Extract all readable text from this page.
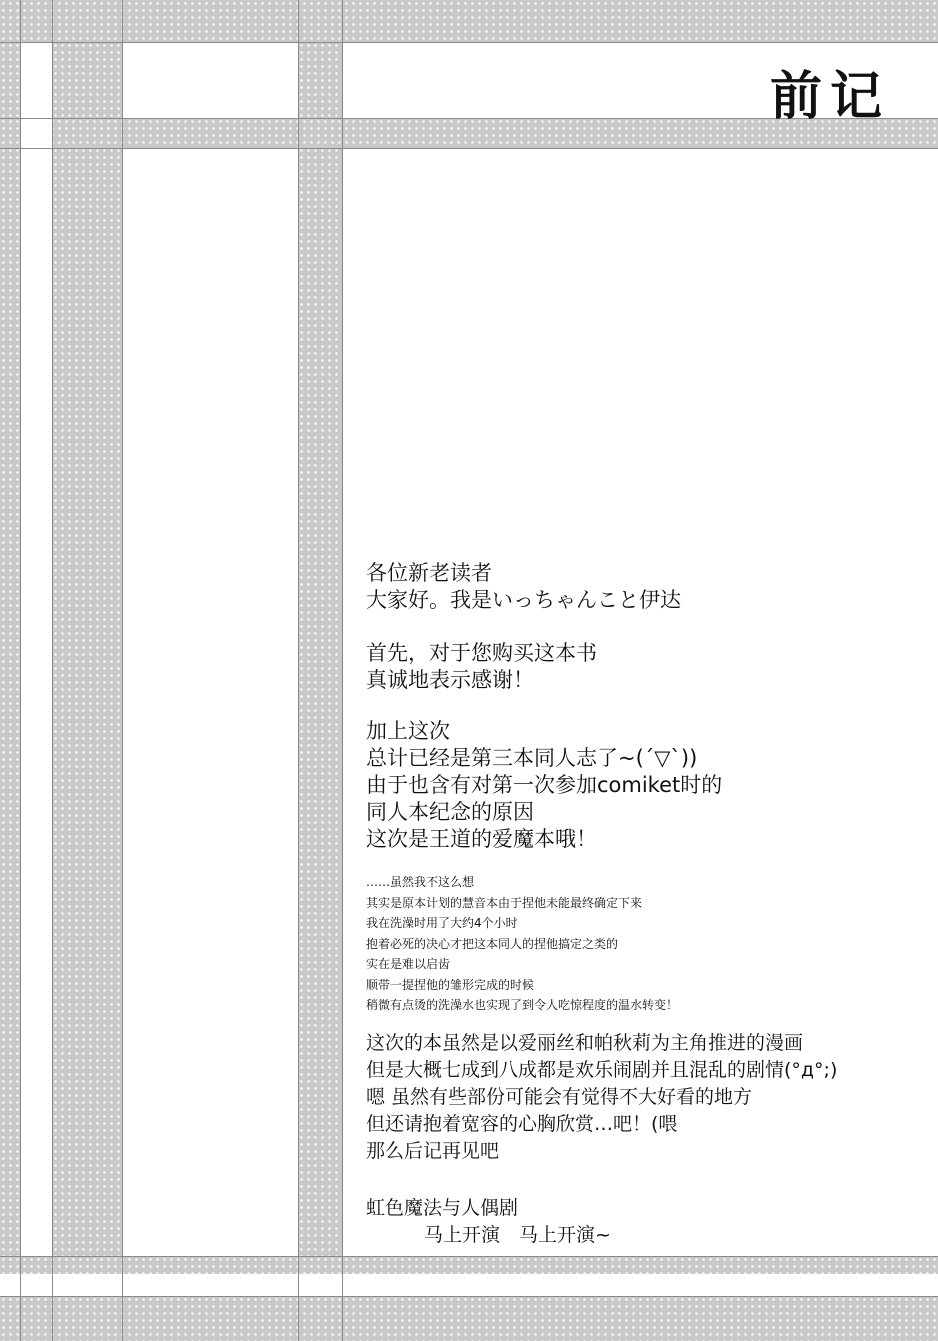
前记
各位新老读者
大家好。我是いっちゃんこと伊达
首先，对于您购买这本书
真诚地表示感谢！
加上这次
总计已经是第三本同人志了~(´▽`))
由于也含有对第一次参加comiket时的
同人本纪念的原因
这次是王道的爱魔本哦！
……虽然我不这么想
其实是原本计划的慧音本由于捏他未能最终确定下来
我在洗澡时用了大约4个小时
抱着必死的决心才把这本同人的捏他搞定之类的
实在是难以启齿
顺带一提捏他的雏形完成的时候
稍微有点烫的洗澡水也实现了到令人吃惊程度的温水转变！
这次的本虽然是以爱丽丝和帕秋莉为主角推进的漫画
但是大概七成到八成都是欢乐闹剧并且混乱的剧情(°д°;)
嗯 虽然有些部份可能会有觉得不大好看的地方
但还请抱着宽容的心胸欣赏…吧！(喂
那么后记再见吧
虹色魔法与人偶剧
马上开演　马上开演~
